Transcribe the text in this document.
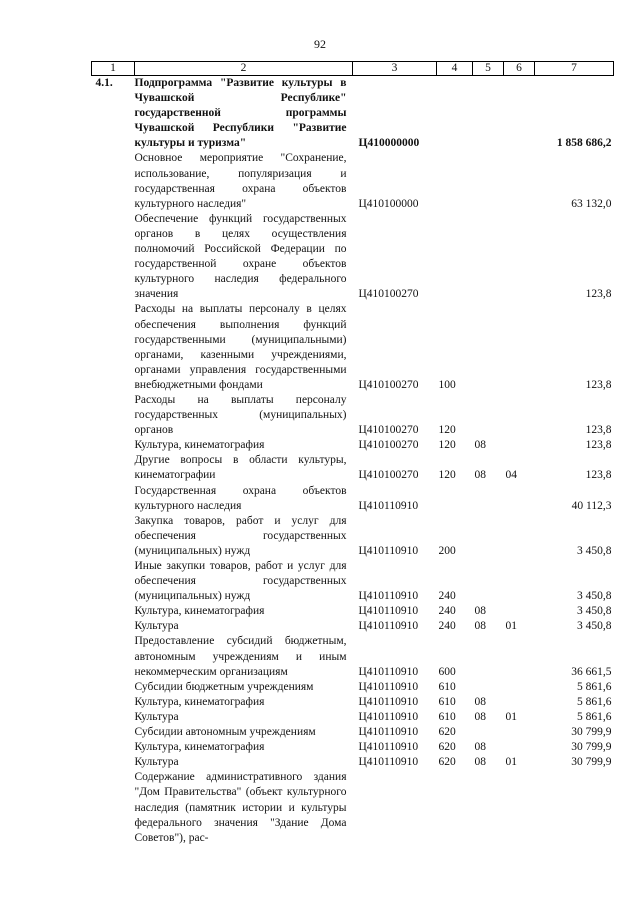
92
1	2	3	4	5	6	7
4.1.	Подпрограмма "Развитие культуры в Чувашской Республике" государственной программы Чувашской Республики "Развитие культуры и туризма"	Ц410000000				1 858 686,2
	Основное мероприятие "Сохранение, использование, популяризация и государственная охрана объектов культурного наследия"	Ц410100000				63 132,0
	Обеспечение функций государственных органов в целях осуществления полномочий Российской Федерации по государственной охране объектов культурного наследия федерального значения	Ц410100270				123,8
	Расходы на выплаты персоналу в целях обеспечения выполнения функций государственными (муниципальными) органами, казенными учреждениями, органами управления государственными внебюджетными фондами	Ц410100270	100			123,8
	Расходы на выплаты персоналу государственных (муниципальных) органов	Ц410100270	120			123,8
	Культура, кинематография	Ц410100270	120	08		123,8
	Другие вопросы в области культуры, кинематографии	Ц410100270	120	08	04	123,8
	Государственная охрана объектов культурного наследия	Ц410110910				40 112,3
	Закупка товаров, работ и услуг для обеспечения государственных (муниципальных) нужд	Ц410110910	200			3 450,8
	Иные закупки товаров, работ и услуг для обеспечения государственных (муниципальных) нужд	Ц410110910	240			3 450,8
	Культура, кинематография	Ц410110910	240	08		3 450,8
	Культура	Ц410110910	240	08	01	3 450,8
	Предоставление субсидий бюджетным, автономным учреждениям и иным некоммерческим организациям	Ц410110910	600			36 661,5
	Субсидии бюджетным учреждениям	Ц410110910	610			5 861,6
	Культура, кинематография	Ц410110910	610	08		5 861,6
	Культура	Ц410110910	610	08	01	5 861,6
	Субсидии автономным учреждениям	Ц410110910	620			30 799,9
	Культура, кинематография	Ц410110910	620	08		30 799,9
	Культура	Ц410110910	620	08	01	30 799,9
	Содержание административного здания "Дом Правительства" (объект культурного наследия (памятник истории и культуры федерального значения "Здание Дома Советов"), рас-					
